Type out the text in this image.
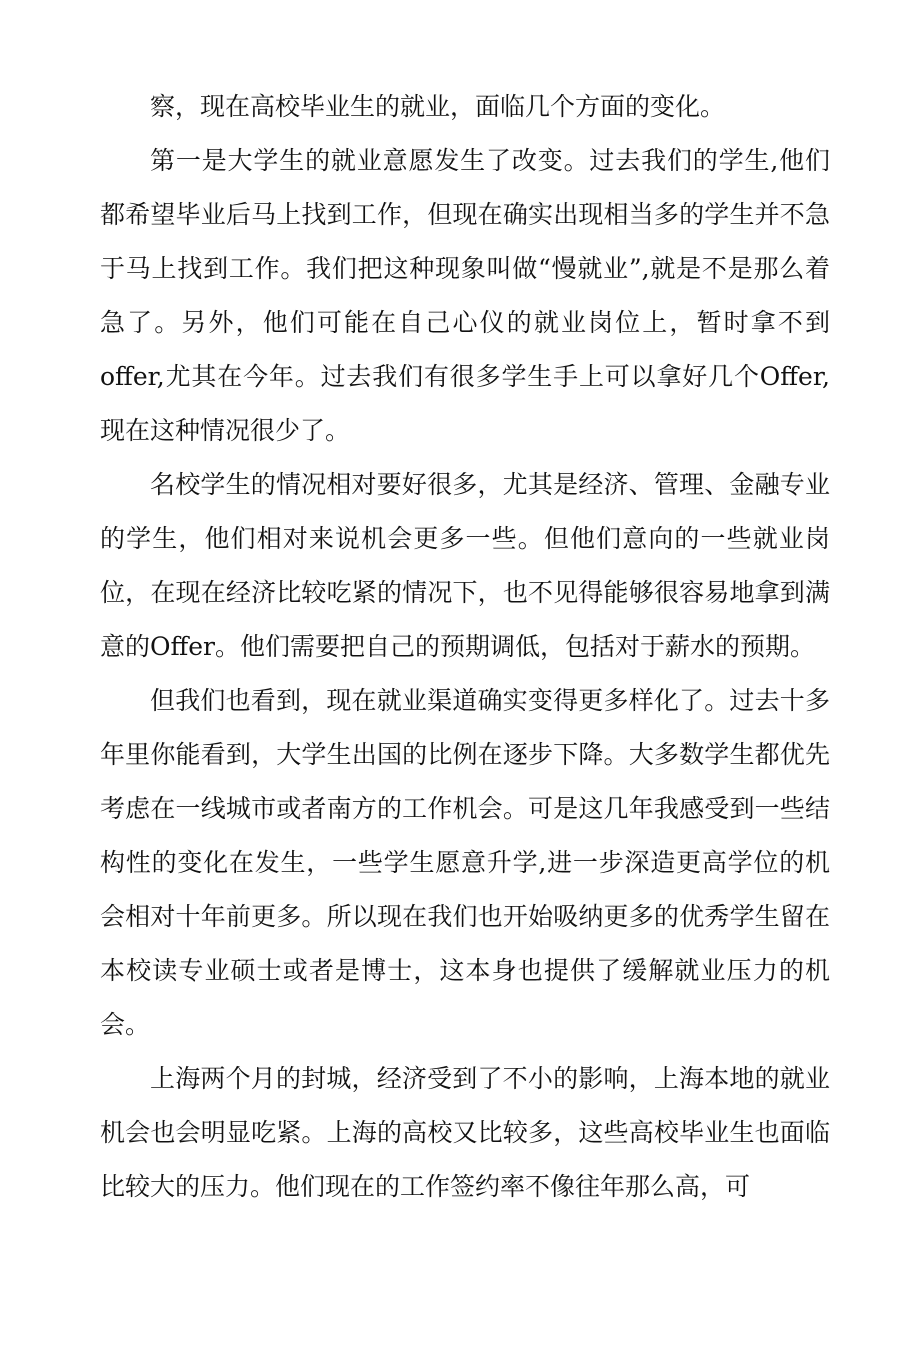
察，现在高校毕业生的就业，面临几个方面的变化。

第一是大学生的就业意愿发生了改变。过去我们的学生,他们都希望毕业后马上找到工作，但现在确实出现相当多的学生并不急于马上找到工作。我们把这种现象叫做“慢就业”,就是不是那么着急了。另外，他们可能在自己心仪的就业岗位上，暂时拿不到offer,尤其在今年。过去我们有很多学生手上可以拿好几个Offer,现在这种情况很少了。

名校学生的情况相对要好很多，尤其是经济、管理、金融专业的学生，他们相对来说机会更多一些。但他们意向的一些就业岗位，在现在经济比较吃紧的情况下，也不见得能够很容易地拿到满意的Offer。他们需要把自己的预期调低，包括对于薪水的预期。

但我们也看到，现在就业渠道确实变得更多样化了。过去十多年里你能看到，大学生出国的比例在逐步下降。大多数学生都优先考虑在一线城市或者南方的工作机会。可是这几年我感受到一些结构性的变化在发生，一些学生愿意升学,进一步深造更高学位的机会相对十年前更多。所以现在我们也开始吸纳更多的优秀学生留在本校读专业硕士或者是博士，这本身也提供了缓解就业压力的机会。

上海两个月的封城，经济受到了不小的影响，上海本地的就业机会也会明显吃紧。上海的高校又比较多，这些高校毕业生也面临比较大的压力。他们现在的工作签约率不像往年那么高，可
